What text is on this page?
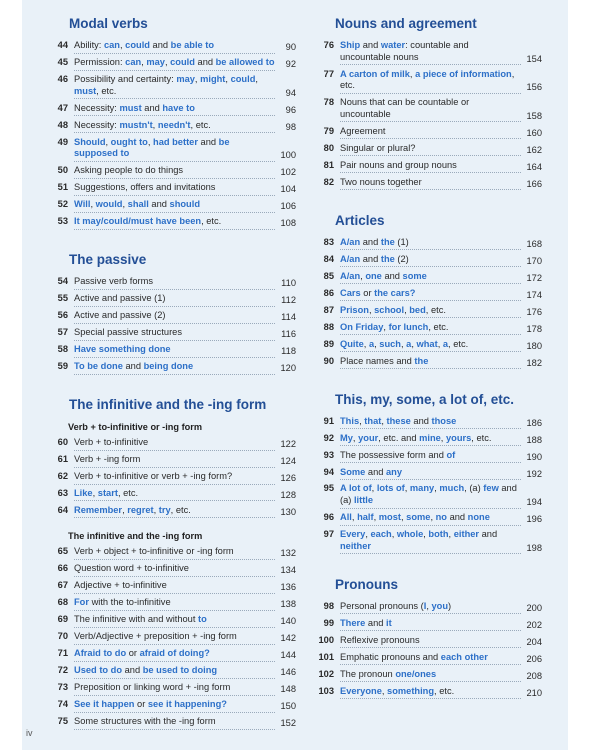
Modal verbs
44 Ability: can, could and be able to	90
45 Permission: can, may, could and be allowed to	92
46 Possibility and certainty: may, might, could, must, etc.	94
47 Necessity: must and have to	96
48 Necessity: mustn't, needn't, etc.	98
49 Should, ought to, had better and be supposed to	100
50 Asking people to do things	102
51 Suggestions, offers and invitations	104
52 Will, would, shall and should	106
53 It may/could/must have been, etc.	108
The passive
54 Passive verb forms	110
55 Active and passive (1)	112
56 Active and passive (2)	114
57 Special passive structures	116
58 Have something done	118
59 To be done and being done	120
The infinitive and the -ing form
Verb + to-infinitive or -ing form
60 Verb + to-infinitive	122
61 Verb + -ing form	124
62 Verb + to-infinitive or verb + -ing form?	126
63 Like, start, etc.	128
64 Remember, regret, try, etc.	130
The infinitive and the -ing form
65 Verb + object + to-infinitive or -ing form	132
66 Question word + to-infinitive	134
67 Adjective + to-infinitive	136
68 For with the to-infinitive	138
69 The infinitive with and without to	140
70 Verb/Adjective + preposition + -ing form	142
71 Afraid to do or afraid of doing?	144
72 Used to do and be used to doing	146
73 Preposition or linking word + -ing form	148
74 See it happen or see it happening?	150
75 Some structures with the -ing form	152
Nouns and agreement
76 Ship and water: countable and uncountable nouns	154
77 A carton of milk, a piece of information, etc.	156
78 Nouns that can be countable or uncountable	158
79 Agreement	160
80 Singular or plural?	162
81 Pair nouns and group nouns	164
82 Two nouns together	166
Articles
83 A/an and the (1)	168
84 A/an and the (2)	170
85 A/an, one and some	172
86 Cars or the cars?	174
87 Prison, school, bed, etc.	176
88 On Friday, for lunch, etc.	178
89 Quite, a, such, a, what, a, etc.	180
90 Place names and the	182
This, my, some, a lot of, etc.
91 This, that, these and those	186
92 My, your, etc. and mine, yours, etc.	188
93 The possessive form and of	190
94 Some and any	192
95 A lot of, lots of, many, much, (a) few and (a) little	194
96 All, half, most, some, no and none	196
97 Every, each, whole, both, either and neither	198
Pronouns
98 Personal pronouns (I, you)	200
99 There and it	202
100 Reflexive pronouns	204
101 Emphatic pronouns and each other	206
102 The pronoun one/ones	208
103 Everyone, something, etc.	210
iv
